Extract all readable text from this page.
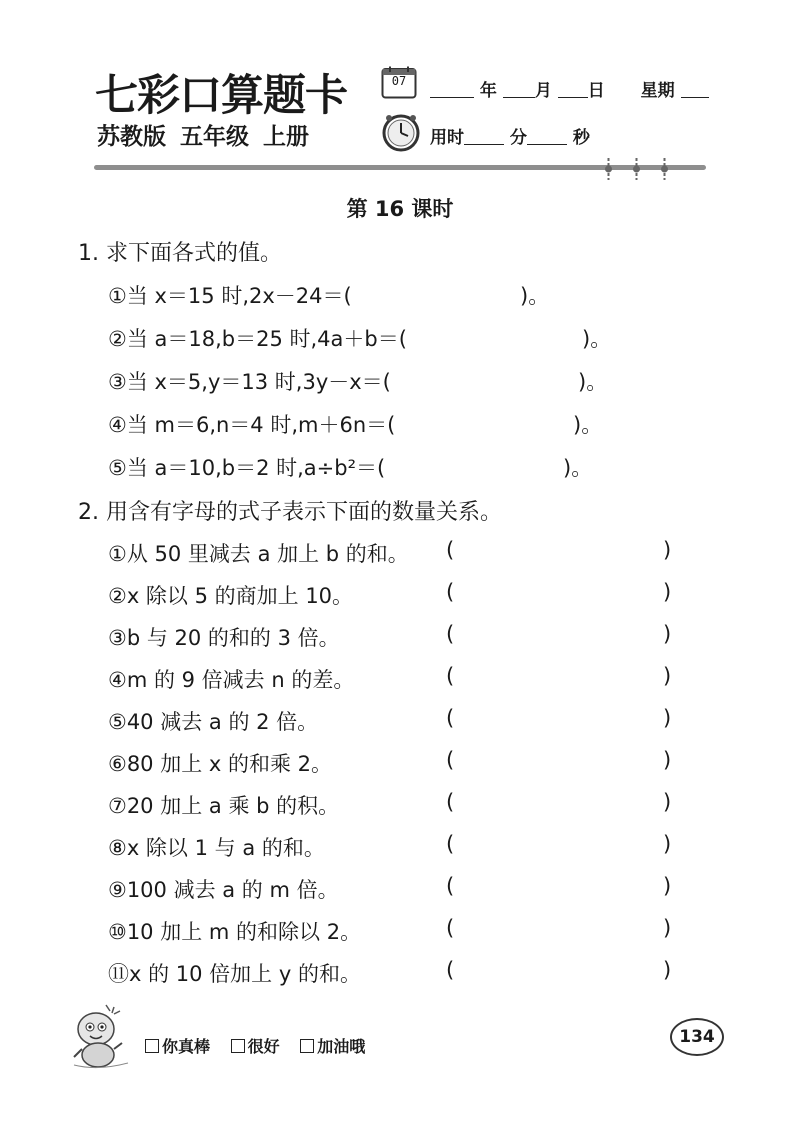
七彩口算题卡
苏教版 五年级 上册
07	年 月 日 星期
用时	分	秒
第 16 课时
1. 求下面各式的值。
①当 x＝15 时,2x－24＝(	)。
②当 a＝18,b＝25 时,4a＋b＝(	)。
③当 x＝5,y＝13 时,3y－x＝(	)。
④当 m＝6,n＝4 时,m＋6n＝(	)。
⑤当 a＝10,b＝2 时,a÷b²＝(	)。
2. 用含有字母的式子表示下面的数量关系。
①从 50 里减去 a 加上 b 的和。 (	)
②x 除以 5 的商加上 10。	(	)
③b 与 20 的和的 3 倍。	(	)
④m 的 9 倍减去 n 的差。	(	)
⑤40 减去 a 的 2 倍。	(	)
⑥80 加上 x 的和乘 2。	(	)
⑦20 加上 a 乘 b 的积。	(	)
⑧x 除以 1 与 a 的和。	(	)
⑨100 减去 a 的 m 倍。	(	)
⑩10 加上 m 的和除以 2。	(	)
⑪x 的 10 倍加上 y 的和。	(	)
你真棒 很好 加油哦	134
